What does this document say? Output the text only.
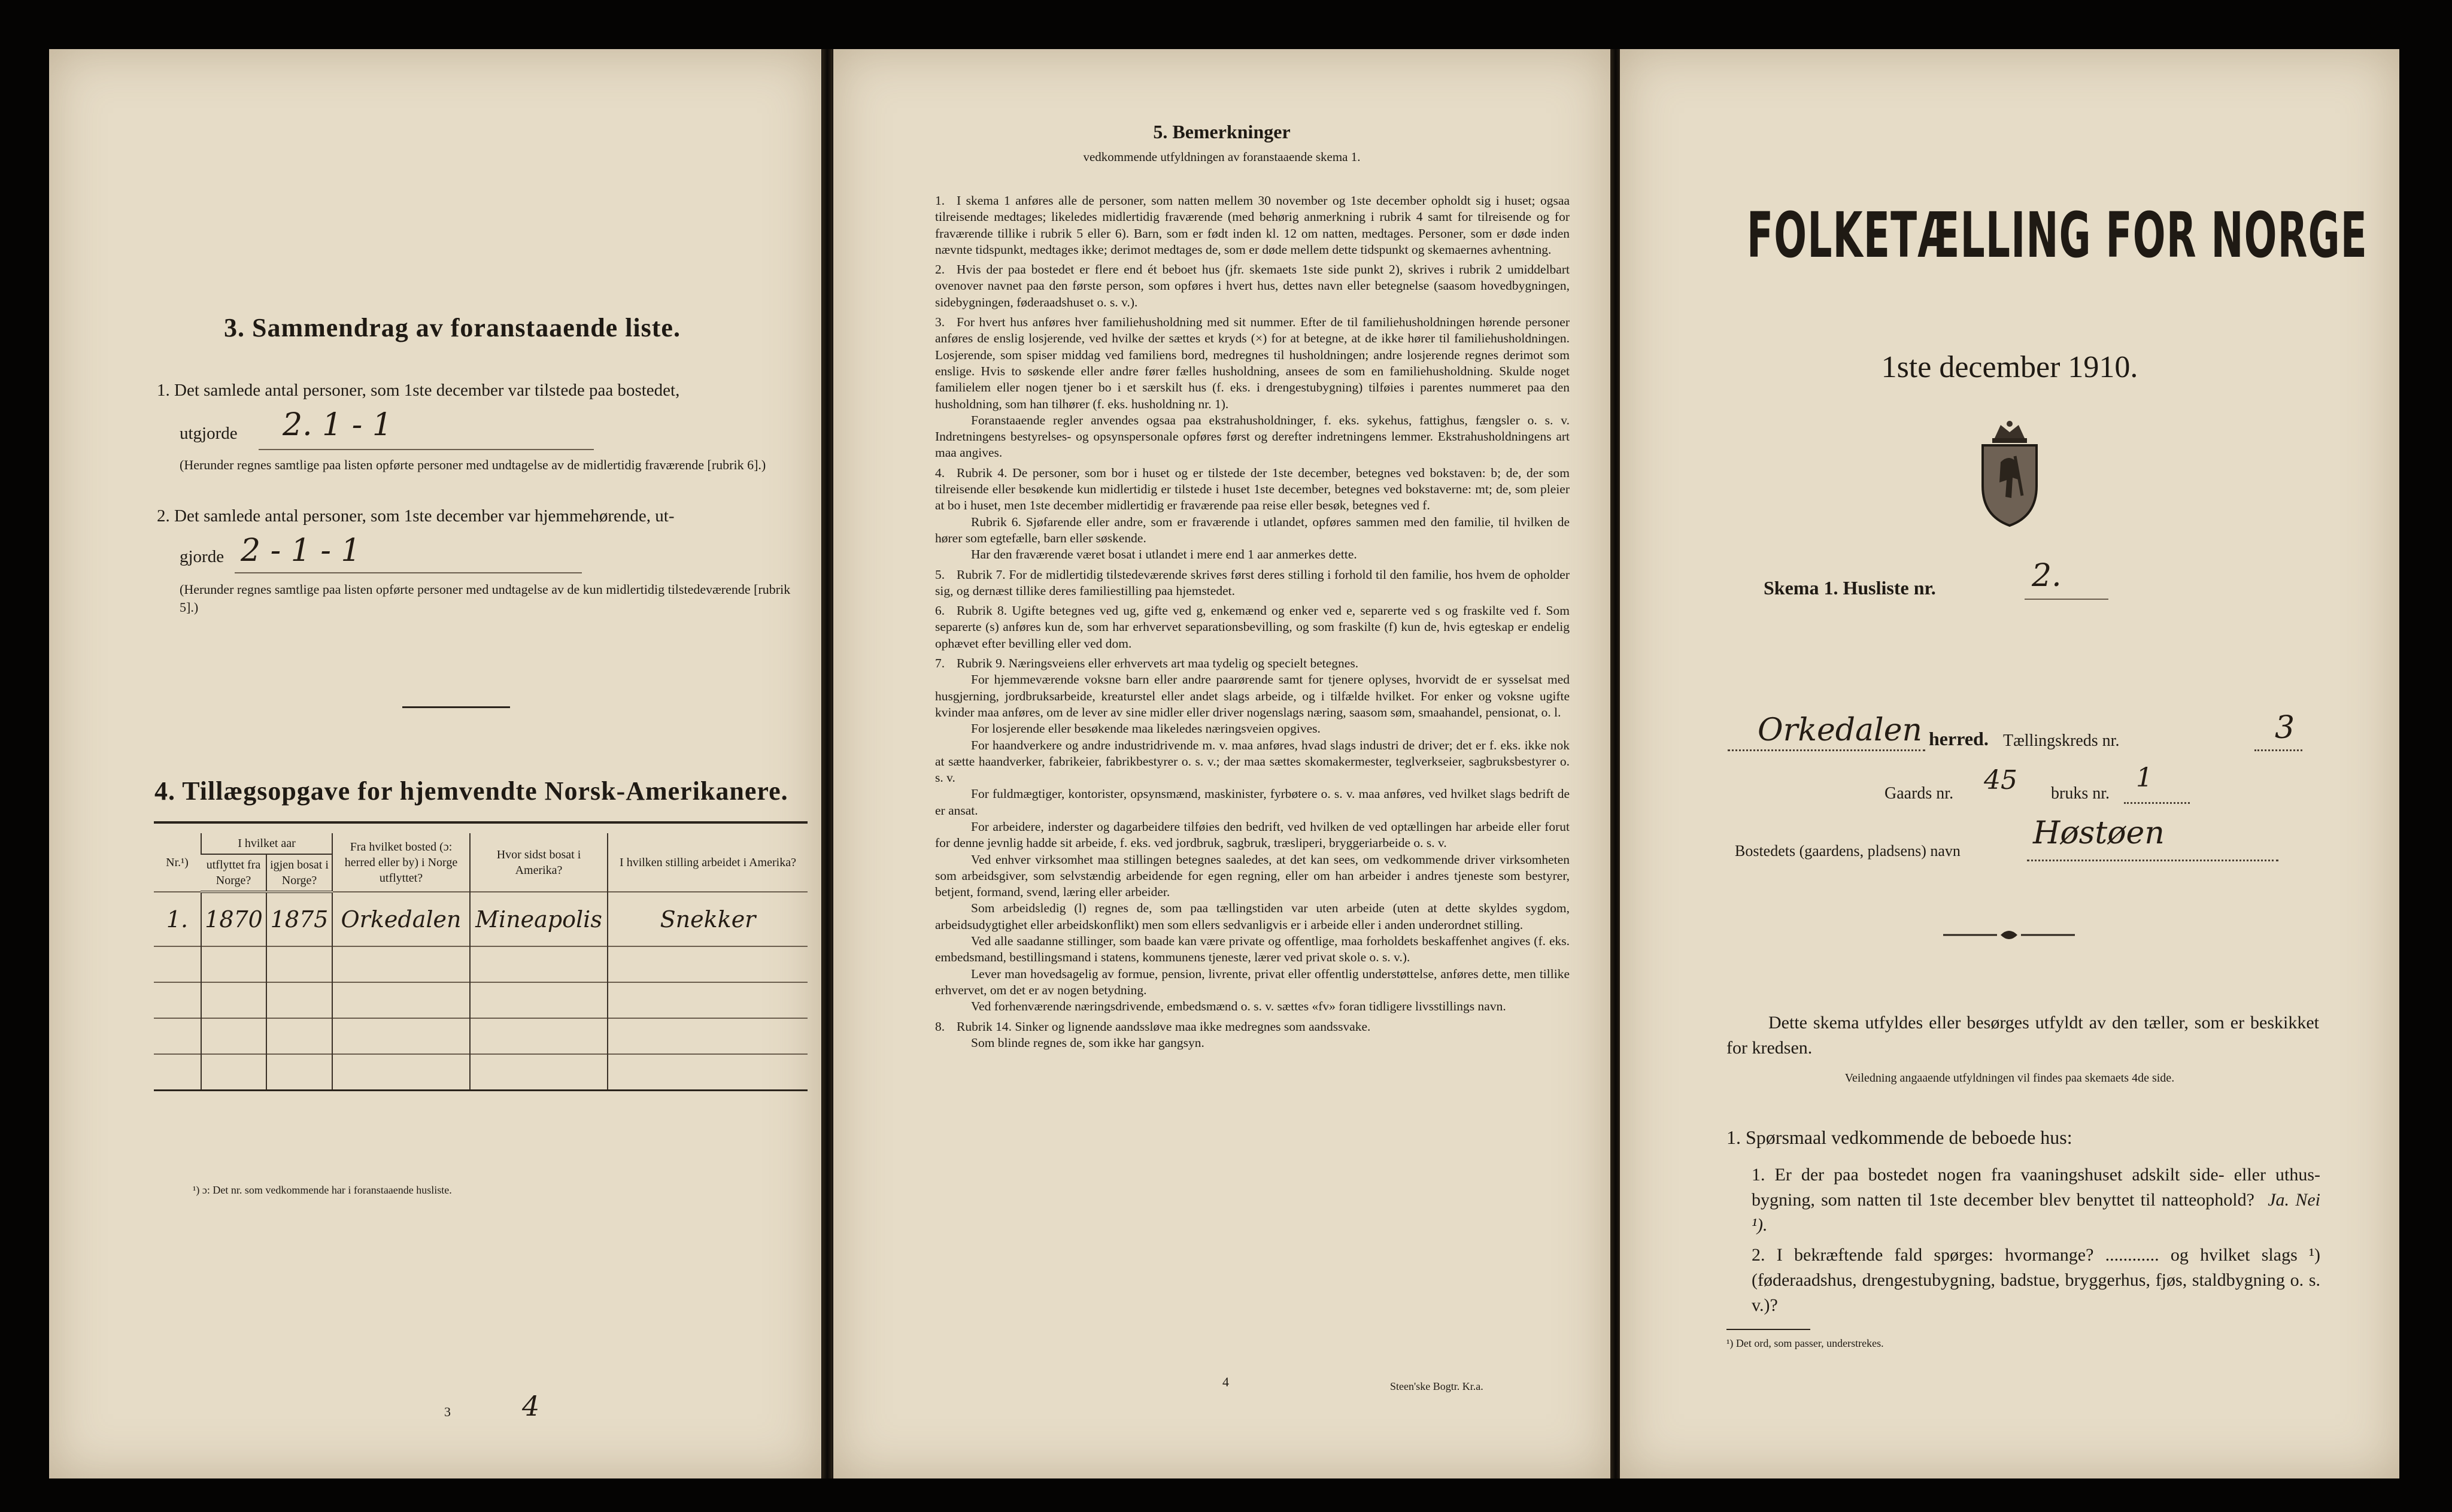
3. Sammendrag av foranstaaende liste.
1. Det samlede antal personer, som 1ste december var tilstede paa bostedet,
utgjorde 2. 1 - 1
(Herunder regnes samtlige paa listen opførte personer med undtagelse av de midlertidig fraværende [rubrik 6].)
2. Det samlede antal personer, som 1ste december var hjemmehørende, ut-
gjorde 2 - 1 - 1
(Herunder regnes samtlige paa listen opførte personer med undtagelse av de kun midlertidig tilstedeværende [rubrik 5].)
4. Tillægsopgave for hjemvendte Norsk-Amerikanere.
Nr.¹)	I hvilket aar		Fra hvilket bosted (ɔ: herred eller by) i Norge utflyttet?	Hvor sidst bosat i Amerika?	I hvilken stilling arbeidet i Amerika?
	utflyttet fra Norge?	igjen bosat i Norge?			
1.	1870	1875	Orkedalen	Mineapolis	Snekker

¹) ɔ: Det nr. som vedkommende har i foranstaaende husliste.
3	4
5. Bemerkninger
vedkommende utfyldningen av foranstaaende skema 1.

1. I skema 1 anføres alle de personer, som natten mellem 30 november og 1ste december opholdt sig i huset; ogsaa tilreisende medtages; likeledes midlertidig fraværende (med behørig anmerkning i rubrik 4 samt for tilreisende og for fraværende tillike i rubrik 5 eller 6). Barn, som er født inden kl. 12 om natten, medtages. Personer, som er døde inden nævnte tidspunkt, medtages ikke; derimot medtages de, som er døde mellem dette tidspunkt og skemaernes avhentning.

2. Hvis der paa bostedet er flere end ét beboet hus (jfr. skemaets 1ste side punkt 2), skrives i rubrik 2 umiddelbart ovenover navnet paa den første person, som opføres i hvert hus, dettes navn eller betegnelse (saasom hovedbygningen, sidebygningen, føderaadshuset o. s. v.).

3. For hvert hus anføres hver familiehusholdning med sit nummer. Efter de til familiehusholdningen hørende personer anføres de enslig losjerende, ved hvilke der sættes et kryds (×) for at betegne, at de ikke hører til familiehusholdningen. Losjerende, som spiser middag ved familiens bord, medregnes til husholdningen; andre losjerende regnes derimot som enslige. Hvis to søskende eller andre fører fælles husholdning, ansees de som en familiehusholdning. Skulde noget familielem eller nogen tjener bo i et særskilt hus (f. eks. i drengestubygning) tilføies i parentes nummeret paa den husholdning, som han tilhører (f. eks. husholdning nr. 1).

Foranstaaende regler anvendes ogsaa paa ekstrahusholdninger, f. eks. sykehus, fattighus, fængsler o. s. v. Indretningens bestyrelses- og opsynspersonale opføres først og derefter indretningens lemmer. Ekstrahusholdningens art maa angives.

4. Rubrik 4. De personer, som bor i huset og er tilstede der 1ste december, betegnes ved bokstaven: b; de, der som tilreisende eller besøkende kun midlertidig er tilstede i huset 1ste december, betegnes ved bokstaverne: mt; de, som pleier at bo i huset, men 1ste december midlertidig er fraværende paa reise eller besøk, betegnes ved f.

Rubrik 6. Sjøfarende eller andre, som er fraværende i utlandet, opføres sammen med den familie, til hvilken de hører som egtefælle, barn eller søskende.

Har den fraværende været bosat i utlandet i mere end 1 aar anmerkes dette.

5. Rubrik 7. For de midlertidig tilstedeværende skrives først deres stilling i forhold til den familie, hos hvem de opholder sig, og dernæst tillike deres familiestilling paa hjemstedet.

6. Rubrik 8. Ugifte betegnes ved ug, gifte ved g, enkemænd og enker ved e, separerte ved s og fraskilte ved f. Som separerte (s) anføres kun de, som har erhvervet separationsbevilling, og som fraskilte (f) kun de, hvis egteskap er endelig ophævet efter bevilling eller ved dom.

7. Rubrik 9. Næringsveiens eller erhvervets art maa tydelig og specielt betegnes.

For hjemmeværende voksne barn eller andre paarørende samt for tjenere oplyses, hvorvidt de er sysselsat med husgjerning, jordbruksarbeide, kreaturstel eller andet slags arbeide, og i tilfælde hvilket. For enker og voksne ugifte kvinder maa anføres, om de lever av sine midler eller driver nogenslags næring, saasom søm, smaahandel, pensionat, o. l.

For losjerende eller besøkende maa likeledes næringsveien opgives.

For haandverkere og andre industridrivende m. v. maa anføres, hvad slags industri de driver; det er f. eks. ikke nok at sætte haandverker, fabrikeier, fabrikbestyrer o. s. v.; der maa sættes skomakermester, teglverkseier, sagbruksbestyrer o. s. v.

For fuldmægtiger, kontorister, opsynsmænd, maskinister, fyrbøtere o. s. v. maa anføres, ved hvilket slags bedrift de er ansat.

For arbeidere, inderster og dagarbeidere tilføies den bedrift, ved hvilken de ved optællingen har arbeide eller forut for denne jevnlig hadde sit arbeide, f. eks. ved jordbruk, sagbruk, træsliperi, bryggeriarbeide o. s. v.

Ved enhver virksomhet maa stillingen betegnes saaledes, at det kan sees, om vedkommende driver virksomheten som arbeidsgiver, som selvstændig arbeidende for egen regning, eller om han arbeider i andres tjeneste som bestyrer, betjent, formand, svend, læring eller arbeider.

Som arbeidsledig (l) regnes de, som paa tællingstiden var uten arbeide (uten at dette skyldes sygdom, arbeidsudygtighet eller arbeidskonflikt) men som ellers sedvanligvis er i arbeide eller i anden underordnet stilling.

Ved alle saadanne stillinger, som baade kan være private og offentlige, maa forholdets beskaffenhet angives (f. eks. embedsmand, bestillingsmand i statens, kommunens tjeneste, lærer ved privat skole o. s. v.).

Lever man hovedsagelig av formue, pension, livrente, privat eller offentlig understøttelse, anføres dette, men tillike erhvervet, om det er av nogen betydning.

Ved forhenværende næringsdrivende, embedsmænd o. s. v. sættes «fv» foran tidligere livsstillings navn.

8. Rubrik 14. Sinker og lignende aandssløve maa ikke medregnes som aandssvake.

Som blinde regnes de, som ikke har gangsyn.

4	Steen'ske Bogtr. Kr.a.
FOLKETÆLLING FOR NORGE
1ste december 1910.
Skema 1. Husliste nr.	2.
Orkedalen herred. Tællingskreds nr.	3
Gaards nr. 45 bruks nr.
1
Bostedets (gaardens, pladsens) navn Høstøen
Dette skema utfyldes eller besørges utfyldt av den tæller, som er beskikket for kredsen.
Veiledning angaaende utfyldningen vil findes paa skemaets 4de side.
1. Spørsmaal vedkommende de beboede hus:
1. Er der paa bostedet nogen fra vaaningshuset adskilt side- eller uthus-bygning, som natten til 1ste december blev benyttet til natteophold? Ja. Nei ¹).
2. I bekræftende fald spørges: hvormange? ............ og hvilket slags ¹) (føderaadshus, drengestubygning, badstue, bryggerhus, fjøs, staldbygning o. s. v.)?
¹) Det ord, som passer, understrekes.
